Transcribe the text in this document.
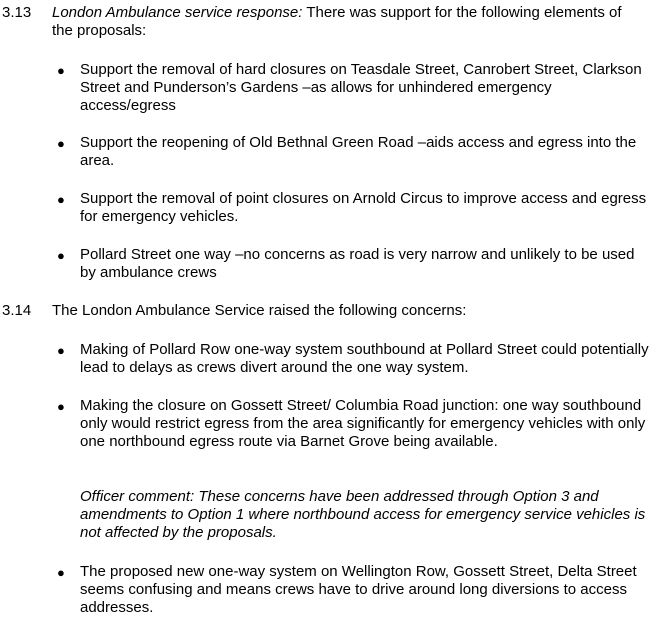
3.13 London Ambulance service response: There was support for the following elements of the proposals:
● Support the removal of hard closures on Teasdale Street, Canrobert Street, Clarkson Street and Punderson’s Gardens –as allows for unhindered emergency access/egress
● Support the reopening of Old Bethnal Green Road –aids access and egress into the area.
● Support the removal of point closures on Arnold Circus to improve access and egress for emergency vehicles.
● Pollard Street one way –no concerns as road is very narrow and unlikely to be used by ambulance crews
3.14 The London Ambulance Service raised the following concerns:
● Making of Pollard Row one-way system southbound at Pollard Street could potentially lead to delays as crews divert around the one way system.
● Making the closure on Gossett Street/ Columbia Road junction: one way southbound only would restrict egress from the area significantly for emergency vehicles with only one northbound egress route via Barnet Grove being available.
Officer comment: These concerns have been addressed through Option 3 and amendments to Option 1 where northbound access for emergency service vehicles is not affected by the proposals.
● The proposed new one-way system on Wellington Row, Gossett Street, Delta Street seems confusing and means crews have to drive around long diversions to access addresses.
